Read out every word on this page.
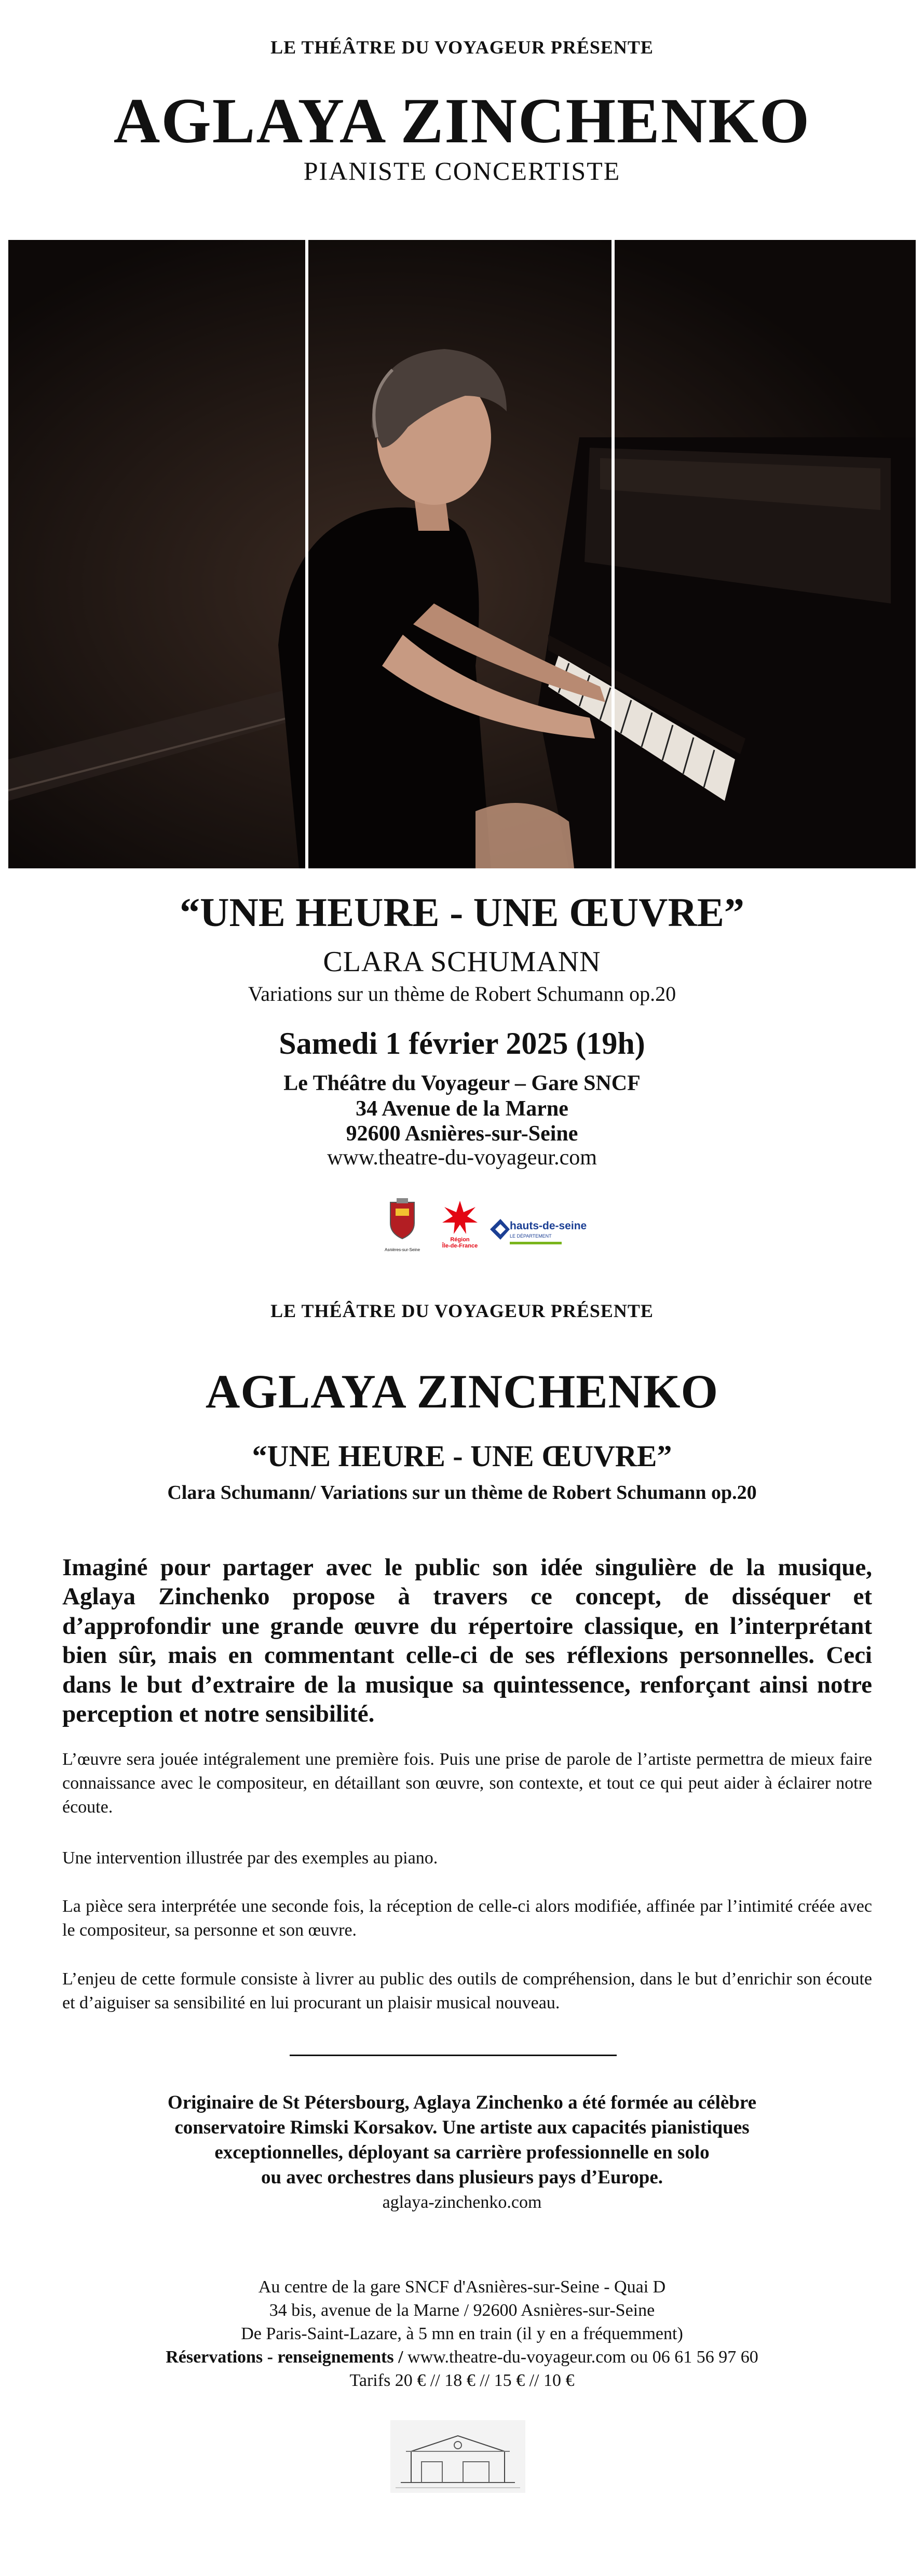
LE THÉÂTRE DU VOYAGEUR PRÉSENTE
AGLAYA ZINCHENKO
PIANISTE CONCERTISTE
“UNE HEURE - UNE ŒUVRE”
CLARA SCHUMANN
Variations sur un thème de Robert Schumann op.20
Samedi 1 février 2025 (19h)
Le Théâtre du Voyageur – Gare SNCF
34 Avenue de la Marne
92600 Asnières-sur-Seine
www.theatre-du-voyageur.com
Asnières-sur-Seine
Région
Île-de-France
hauts-de-seine
LE DÉPARTEMENT
LE THÉÂTRE DU VOYAGEUR PRÉSENTE
AGLAYA ZINCHENKO
“UNE HEURE - UNE ŒUVRE”
Clara Schumann/ Variations sur un thème de Robert Schumann op.20
Imaginé pour partager avec le public son idée singulière de la musique, Aglaya Zinchenko propose à travers ce concept, de disséquer et d’approfondir une grande œuvre du répertoire classique, en l’interprétant bien sûr, mais en commentant celle-ci de ses réflexions personnelles. Ceci dans le but d’extraire de la musique sa quintessence, renforçant ainsi notre perception et notre sensibilité.
L’œuvre sera jouée intégralement une première fois. Puis une prise de parole de l’artiste permettra de mieux faire connaissance avec le compositeur, en détaillant son œuvre, son contexte, et tout ce qui peut aider à éclairer notre écoute.
Une intervention illustrée par des exemples au piano.
La pièce sera interprétée une seconde fois, la réception de celle-ci alors modifiée, affinée par l’intimité créée avec le compositeur, sa personne et son œuvre.
L’enjeu de cette formule consiste à livrer au public des outils de compréhension, dans le but d’enrichir son écoute et d’aiguiser sa sensibilité en lui procurant un plaisir musical nouveau.
Originaire de St Pétersbourg, Aglaya Zinchenko a été formée au célèbre
conservatoire Rimski Korsakov. Une artiste aux capacités pianistiques
exceptionnelles, déployant sa carrière professionnelle en solo
ou avec orchestres dans plusieurs pays d’Europe.
aglaya-zinchenko.com
Au centre de la gare SNCF d'Asnières-sur-Seine - Quai D
34 bis, avenue de la Marne / 92600 Asnières-sur-Seine
De Paris-Saint-Lazare, à 5 mn en train (il y en a fréquemment)
Réservations - renseignements / www.theatre-du-voyageur.com ou 06 61 56 97 60
Tarifs 20 € // 18 € // 15 € // 10 €
